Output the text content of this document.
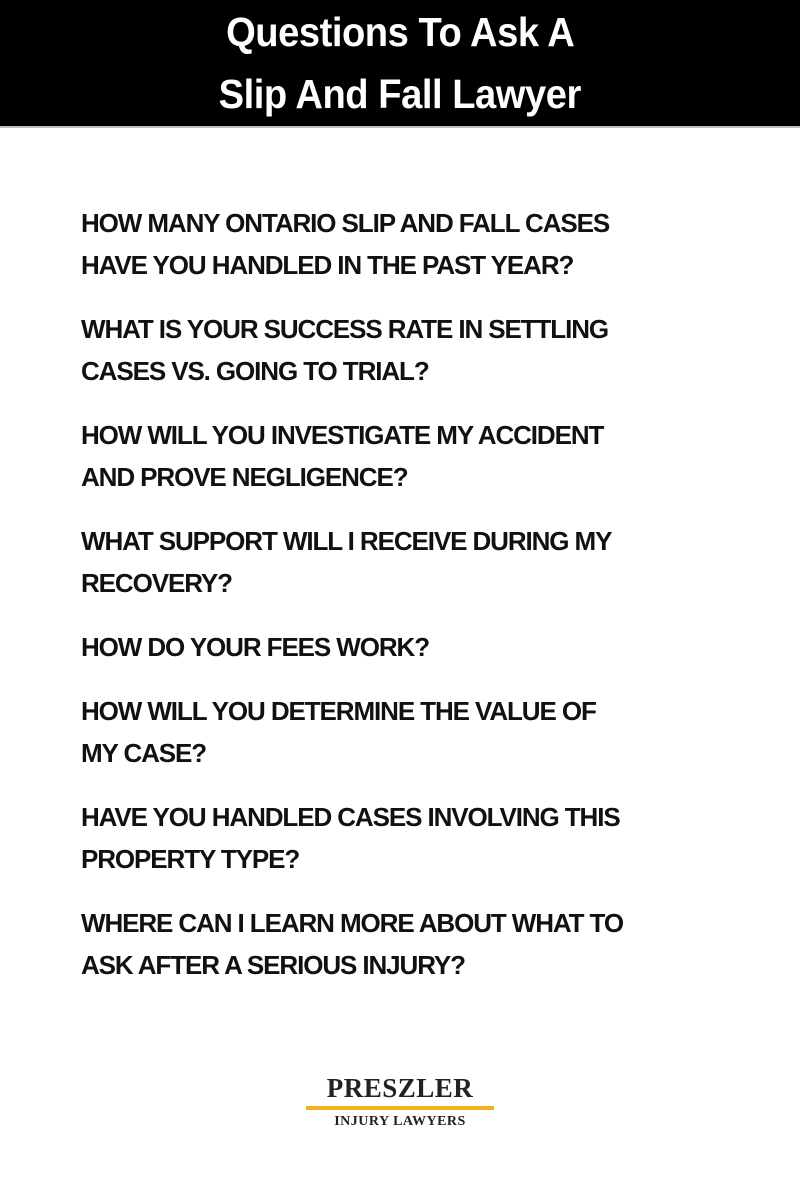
Questions To Ask A
Slip And Fall Lawyer
HOW MANY ONTARIO SLIP AND FALL CASES
HAVE YOU HANDLED IN THE PAST YEAR?
WHAT IS YOUR SUCCESS RATE IN SETTLING
CASES VS. GOING TO TRIAL?
HOW WILL YOU INVESTIGATE MY ACCIDENT
AND PROVE NEGLIGENCE?
WHAT SUPPORT WILL I RECEIVE DURING MY
RECOVERY?
HOW DO YOUR FEES WORK?
HOW WILL YOU DETERMINE THE VALUE OF
MY CASE?
HAVE YOU HANDLED CASES INVOLVING THIS
PROPERTY TYPE?
WHERE CAN I LEARN MORE ABOUT WHAT TO
ASK AFTER A SERIOUS INJURY?
PRESZLER
INJURY LAWYERS
